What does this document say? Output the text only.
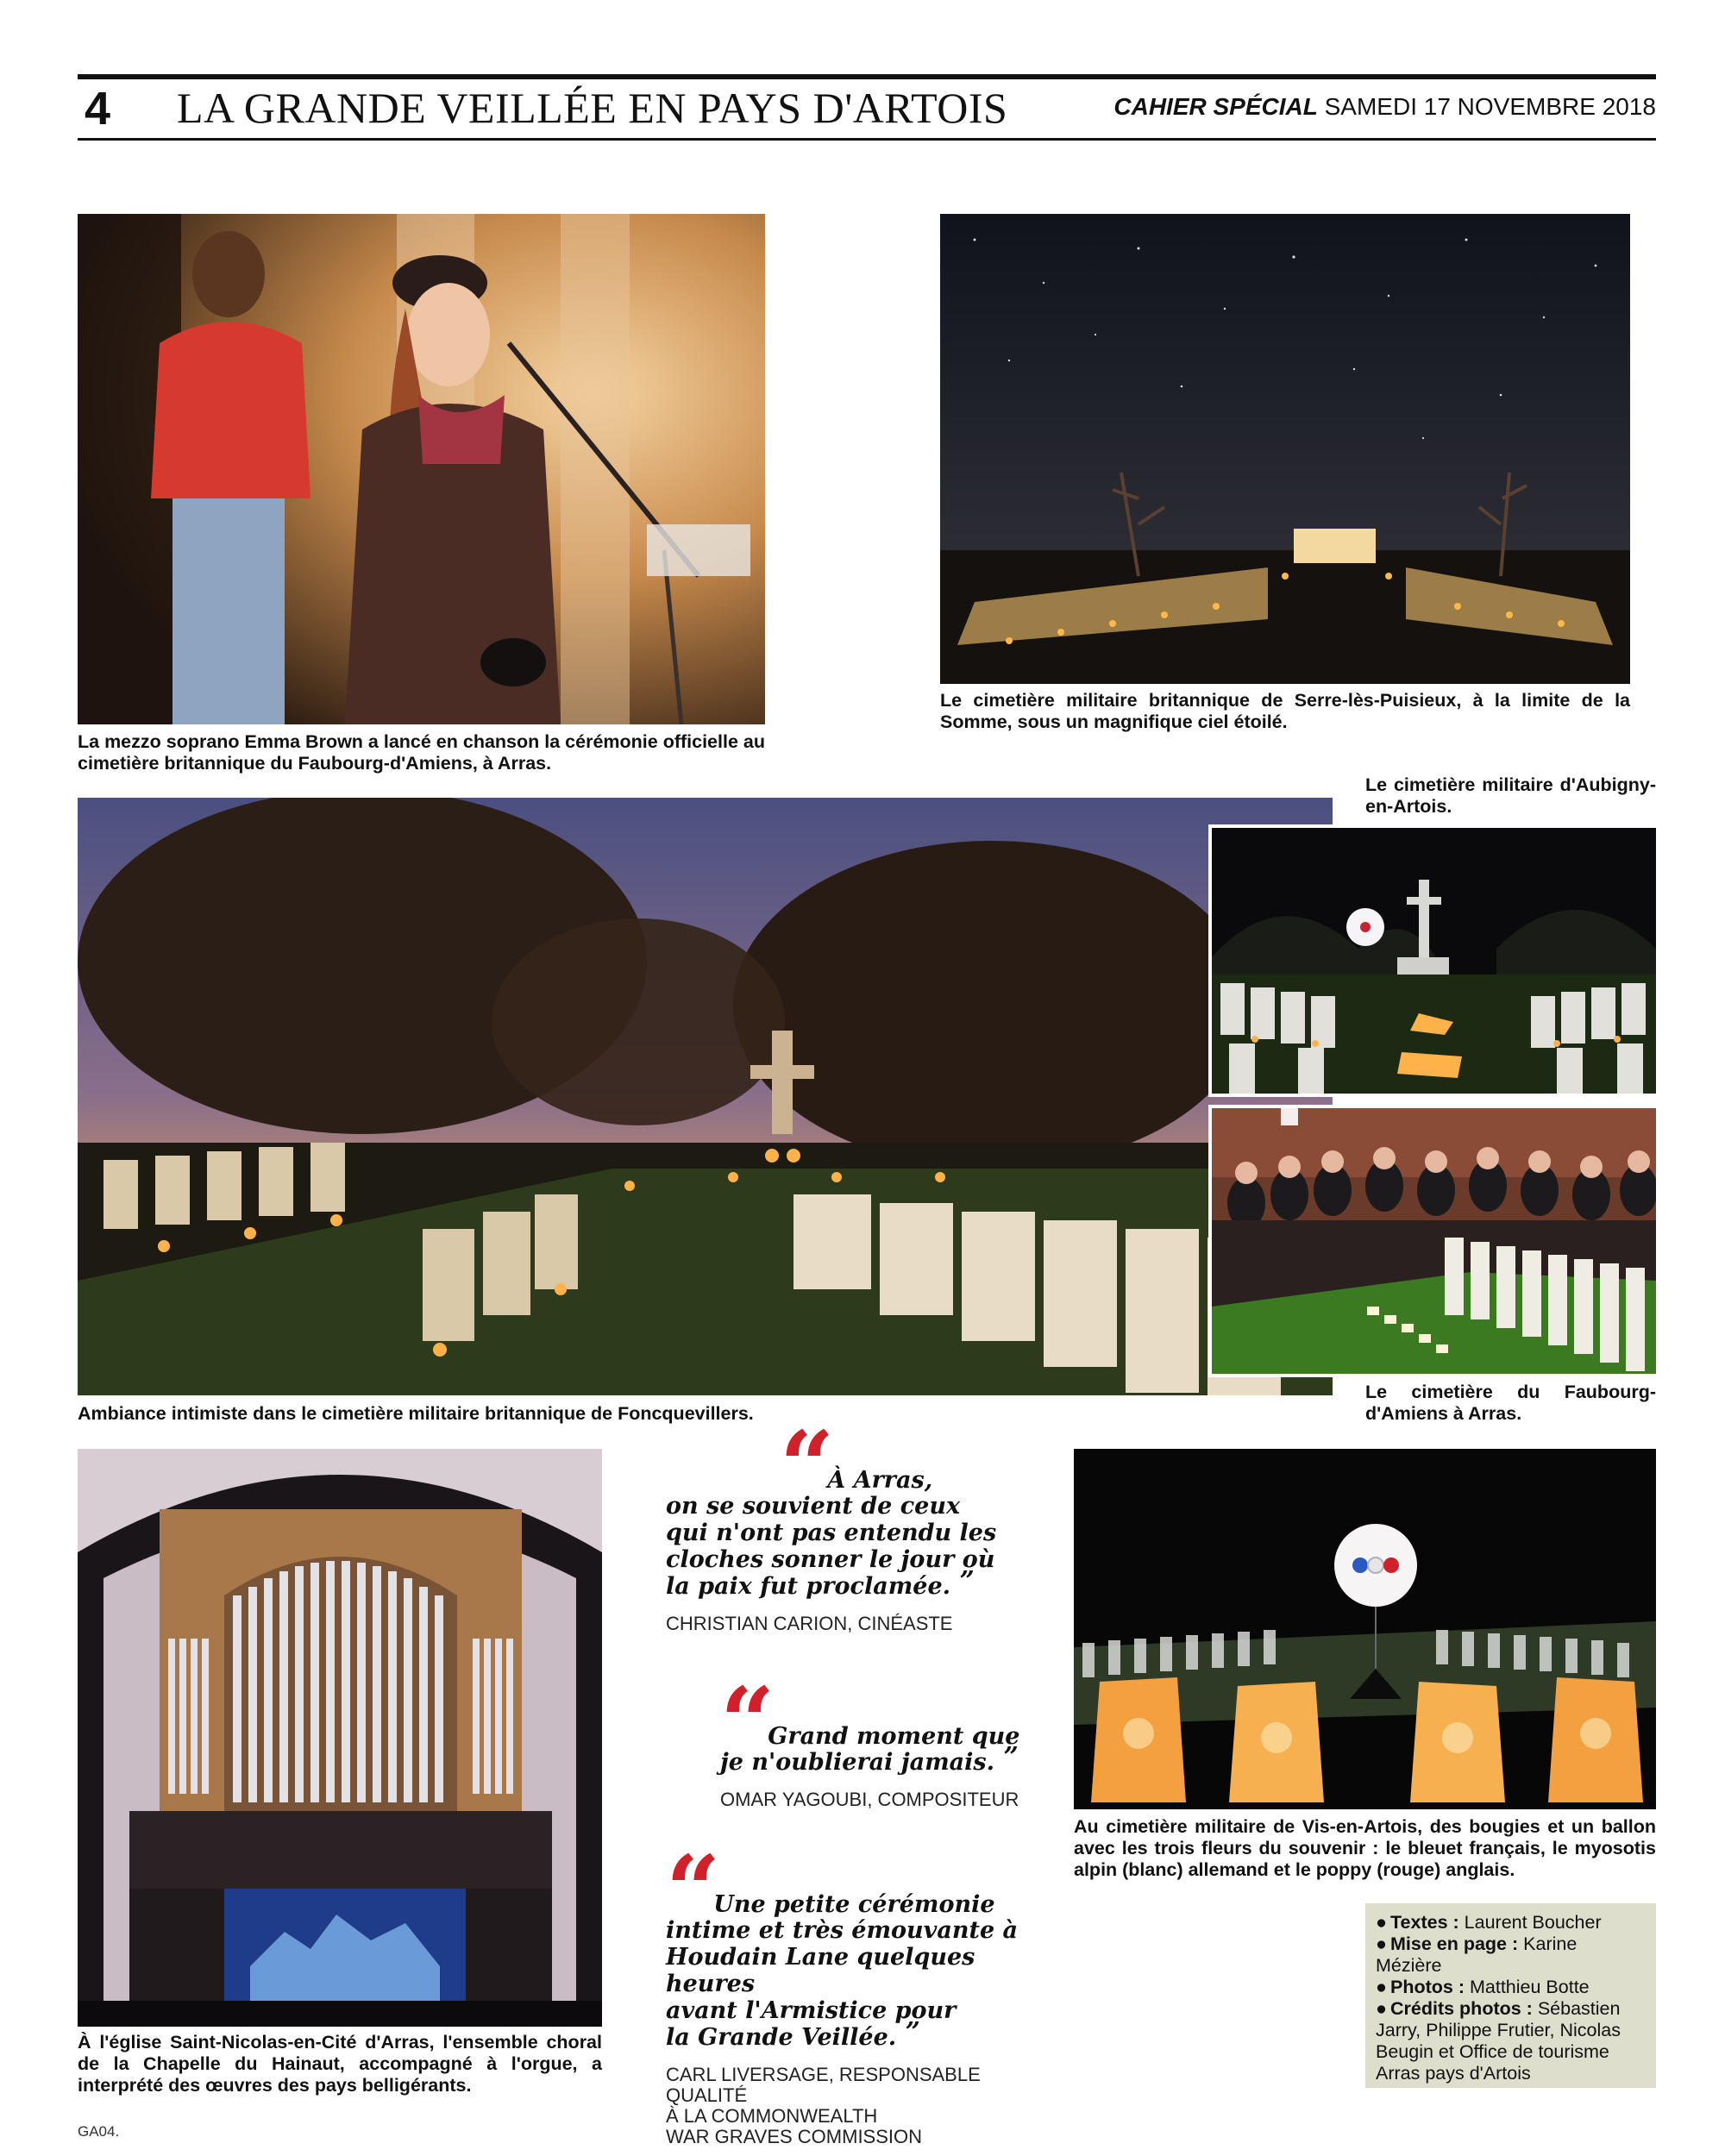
4 LA GRANDE VEILLÉE EN PAYS D'ARTOIS	CAHIER SPÉCIAL SAMEDI 17 NOVEMBRE 2018
La mezzo soprano Emma Brown a lancé en chanson la cérémonie officielle au cimetière britannique du Faubourg-d'Amiens, à Arras.
Le cimetière militaire britannique de Serre-lès-Puisieux, à la limite de la Somme, sous un magnifique ciel étoilé.
Ambiance intimiste dans le cimetière militaire britannique de Foncquevillers.
Le cimetière militaire d'Aubigny-en-Artois.
Le cimetière du Faubourg-d'Amiens à Arras.
À l'église Saint-Nicolas-en-Cité d'Arras, l'ensemble choral de la Chapelle du Hainaut, accompagné à l'orgue, a interprété des œuvres des pays belligérants.
“ À Arras,
on se souvient de ceux
qui n'ont pas entendu les
cloches sonner le jour où
la paix fut proclamée. ”
CHRISTIAN CARION, CINÉASTE
“ Grand moment que
je n'oublierai jamais. ”
OMAR YAGOUBI, COMPOSITEUR
“ Une petite cérémonie
intime et très émouvante à
Houdain Lane quelques heures
avant l'Armistice pour
la Grande Veillée. ”
CARL LIVERSAGE, RESPONSABLE QUALITÉ
À LA COMMONWEALTH
WAR GRAVES COMMISSION
Au cimetière militaire de Vis-en-Artois, des bougies et un ballon avec les trois fleurs du souvenir : le bleuet français, le myosotis alpin (blanc) allemand et le poppy (rouge) anglais.
● Textes : Laurent Boucher
● Mise en page : Karine Mézière
● Photos : Matthieu Botte
● Crédits photos : Sébastien Jarry, Philippe Frutier, Nicolas Beugin et Office de tourisme Arras pays d'Artois
GA04.
